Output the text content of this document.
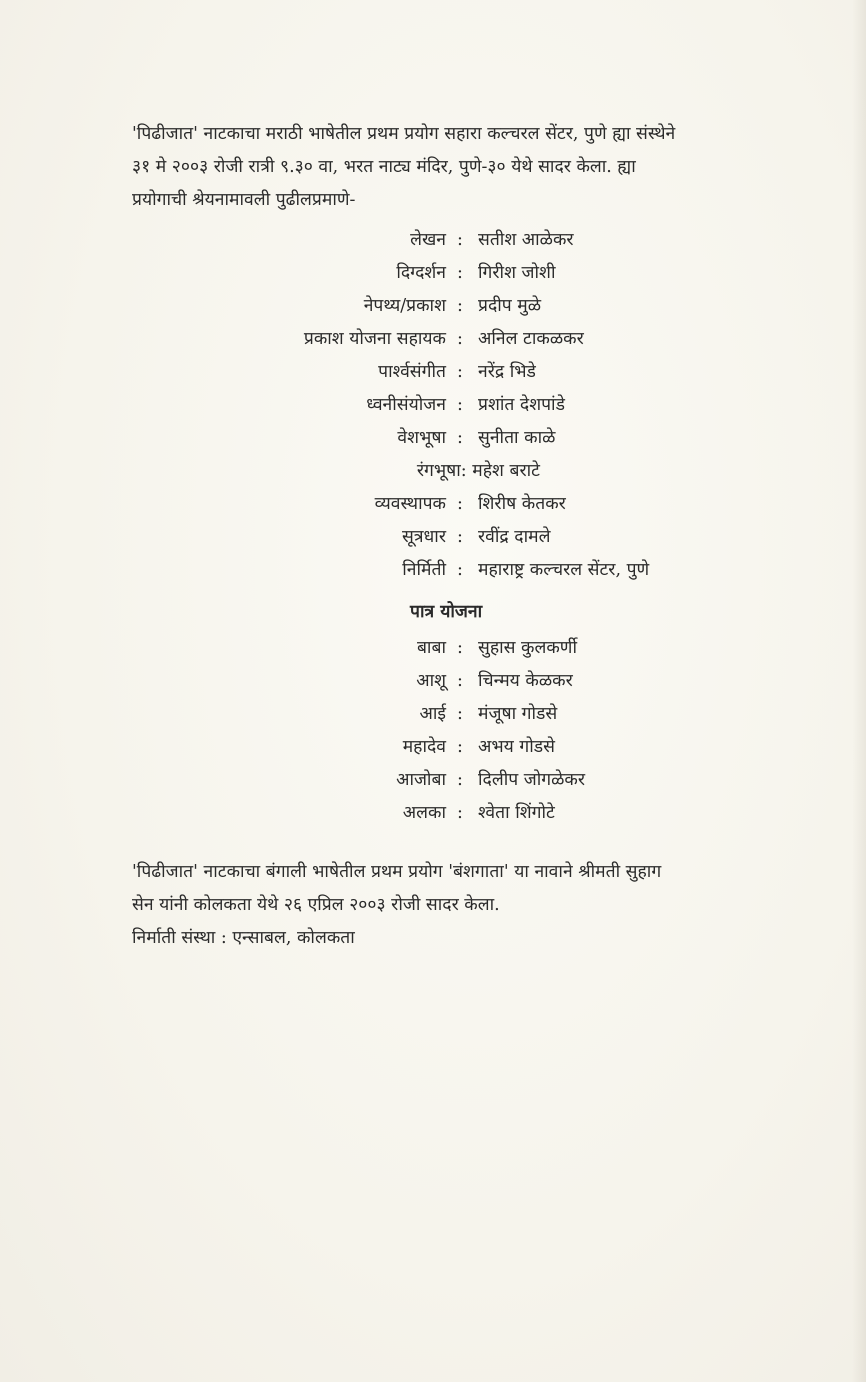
'पिढीजात' नाटकाचा मराठी भाषेतील प्रथम प्रयोग सहारा कल्चरल सेंटर, पुणे ह्या संस्थेने
३१ मे २००३ रोजी रात्री ९.३० वा, भरत नाट्य मंदिर, पुणे-३० येथे सादर केला. ह्या
प्रयोगाची श्रेयनामावली पुढीलप्रमाणे-

लेखन : सतीश आळेकर
दिग्दर्शन : गिरीश जोशी
नेपथ्य/प्रकाश : प्रदीप मुळे
प्रकाश योजना सहायक : अनिल टाकळकर
पार्श्वसंगीत : नरेंद्र भिडे
ध्वनीसंयोजन : प्रशांत देशपांडे
वेशभूषा : सुनीता काळे
रंगभूषा: महेश बराटे
व्यवस्थापक : शिरीष केतकर
सूत्रधार : रवींद्र दामले
निर्मिती : महाराष्ट्र कल्चरल सेंटर, पुणे
पात्र योजना
बाबा : सुहास कुलकर्णी
आशू : चिन्मय केळकर
आई : मंजूषा गोडसे
महादेव : अभय गोडसे
आजोबा : दिलीप जोगळेकर
अलका : श्वेता शिंगोटे

'पिढीजात' नाटकाचा बंगाली भाषेतील प्रथम प्रयोग 'बंशगाता' या नावाने श्रीमती सुहाग
सेन यांनी कोलकता येथे २६ एप्रिल २००३ रोजी सादर केला.
निर्माती संस्था : एन्साबल, कोलकता
